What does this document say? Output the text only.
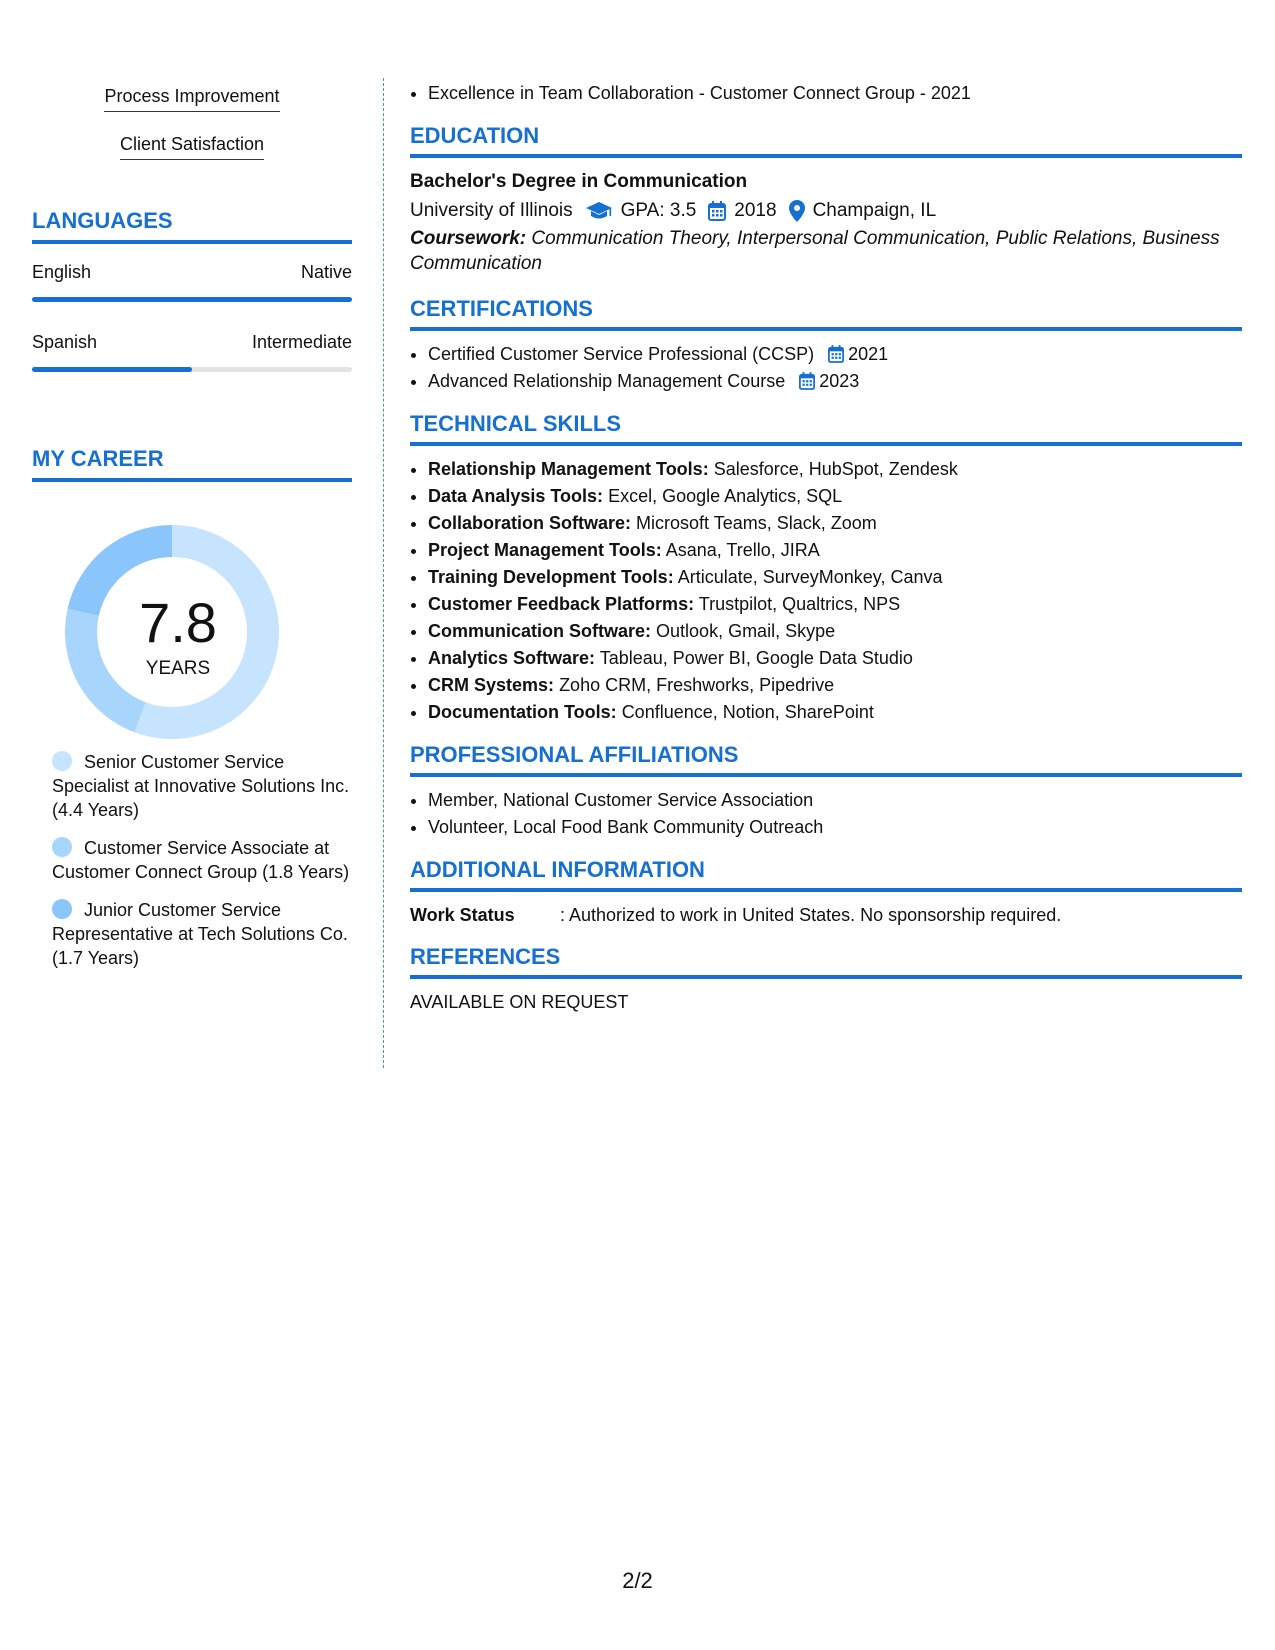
Process Improvement
Client Satisfaction
LANGUAGES
English	Native
Spanish	Intermediate
MY CAREER
7.8
YEARS
Senior Customer Service Specialist at Innovative Solutions Inc. (4.4 Years)
Customer Service Associate at Customer Connect Group (1.8 Years)
Junior Customer Service Representative at Tech Solutions Co. (1.7 Years)
• Excellence in Team Collaboration - Customer Connect Group - 2021
EDUCATION
Bachelor's Degree in Communication
University of Illinois	GPA: 3.5 2018 Champaign, IL
Coursework: Communication Theory, Interpersonal Communication, Public Relations, Business Communication
CERTIFICATIONS
• Certified Customer Service Professional (CCSP) 2021
• Advanced Relationship Management Course 2023
TECHNICAL SKILLS
• Relationship Management Tools: Salesforce, HubSpot, Zendesk
• Data Analysis Tools: Excel, Google Analytics, SQL
• Collaboration Software: Microsoft Teams, Slack, Zoom
• Project Management Tools: Asana, Trello, JIRA
• Training Development Tools: Articulate, SurveyMonkey, Canva
• Customer Feedback Platforms: Trustpilot, Qualtrics, NPS
• Communication Software: Outlook, Gmail, Skype
• Analytics Software: Tableau, Power BI, Google Data Studio
• CRM Systems: Zoho CRM, Freshworks, Pipedrive
• Documentation Tools: Confluence, Notion, SharePoint
PROFESSIONAL AFFILIATIONS
• Member, National Customer Service Association
• Volunteer, Local Food Bank Community Outreach
ADDITIONAL INFORMATION
Work Status	: Authorized to work in United States. No sponsorship required.
REFERENCES
AVAILABLE ON REQUEST
2/2
